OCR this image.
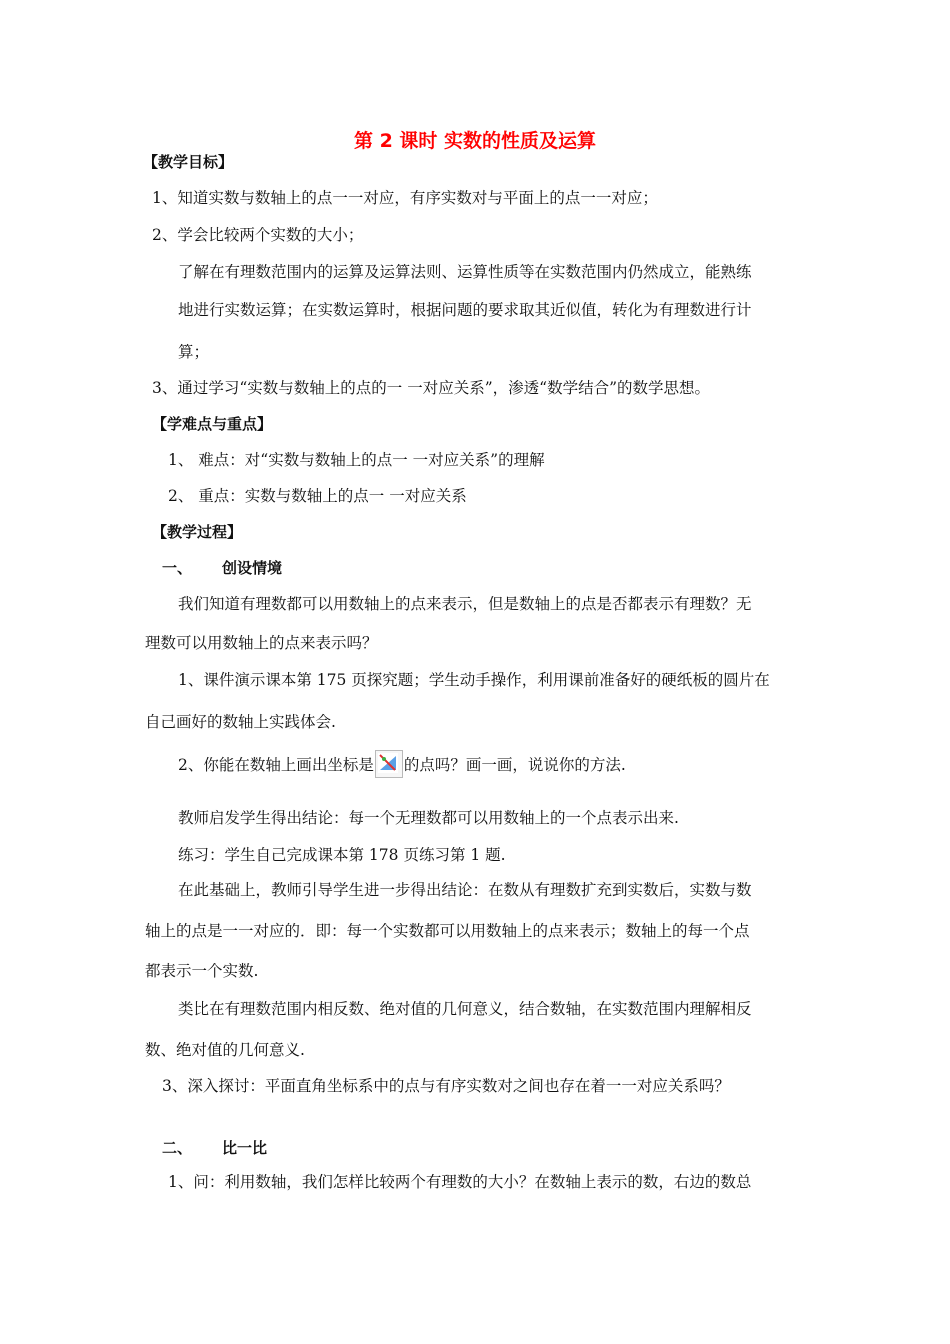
第 2 课时 实数的性质及运算
【教学目标】
1、知道实数与数轴上的点一一对应，有序实数对与平面上的点一一对应；
2、学会比较两个实数的大小；
了解在有理数范围内的运算及运算法则、运算性质等在实数范围内仍然成立，能熟练
地进行实数运算；在实数运算时，根据问题的要求取其近似值，转化为有理数进行计
算；
3、通过学习“实数与数轴上的点的一 一对应关系”，渗透“数学结合”的数学思想。
【学难点与重点】
1、 难点：对“实数与数轴上的点一 一对应关系”的理解
2、 重点：实数与数轴上的点一 一对应关系
【教学过程】
一、 创设情境
我们知道有理数都可以用数轴上的点来表示，但是数轴上的点是否都表示有理数？无
理数可以用数轴上的点来表示吗？
1、课件演示课本第 175 页探究题；学生动手操作，利用课前准备好的硬纸板的圆片在
自己画好的数轴上实践体会.
2、你能在数轴上画出坐标是 的点吗？画一画，说说你的方法.
教师启发学生得出结论：每一个无理数都可以用数轴上的一个点表示出来.
练习：学生自己完成课本第 178 页练习第 1 题.
在此基础上，教师引导学生进一步得出结论：在数从有理数扩充到实数后，实数与数
轴上的点是一一对应的．即：每一个实数都可以用数轴上的点来表示；数轴上的每一个点
都表示一个实数.
类比在有理数范围内相反数、绝对值的几何意义，结合数轴，在实数范围内理解相反
数、绝对值的几何意义.
3、深入探讨：平面直角坐标系中的点与有序实数对之间也存在着一一对应关系吗？
二、 比一比
1、问：利用数轴，我们怎样比较两个有理数的大小？在数轴上表示的数，右边的数总
